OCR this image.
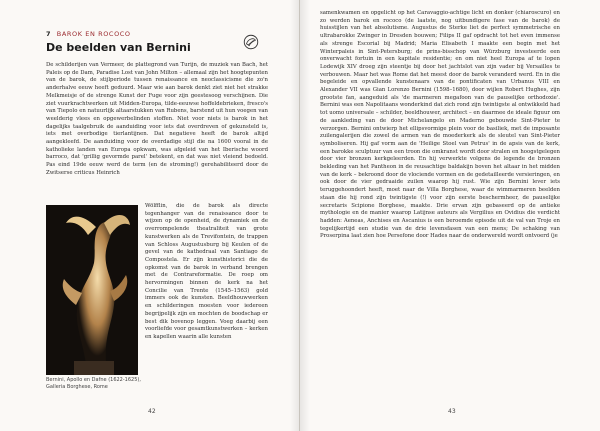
7 BAROK EN ROCOCO
De beelden van Bernini
De schilderijen van Vermeer, de plattegrond van Turijn, de muziek van Bach, het Paleis op de Dam, Paradise Lost van John Milton – allemaal zijn het hoogtepunten van de barok, de stijlperiode tussen renaissance en neoclassicisme die zo'n anderhalve eeuw heeft geduurd. Maar wie aan barok denkt ziet niet het strakke Melkmeisje of de strenge Kunst der Fuge voor zijn geestesoog verschijnen. Die ziet vuurkrachtwerken uit Midden-Europa, tilde-eeuwse hoffeldebrieken, fresco's van Tiepolo en natuurlijk altaarstukken van Rubens, barstend uit hun voegen van weelderig vlees en opgewerbelinden stoffen. Niet voor niets is barok in het dagelijks taalgebruik de aanduiding voor iets dat overdreven of gekunsteld is, iets met overbodige tierlantijnen. Dat negatieve heeft de barok altijd aangekleefd. De aanduiding voor de overdadige stijl die na 1600 vooral in de katholieke landen van Europa opkwam, was afgeleid van het Iberische woord barroco, dat 'grillig gevormde parel' betekent, en dat was niet vleiend bedoeld. Pas eind 19de eeuw werd de term (en de stroming!) gerehabiliteerd door de Zwitserse criticus Heinrich
Bernini, Apollo en Dafne (1622-1625), Galleria Borghese, Rome
Wölfflin, die de barok als directe tegenhanger van de renaissance door te wijzen op de openheid, de dynamiek en de overrompelende theatraliteit van grote kunstwerken als de Trevifontein, de trappen van Schloss Augustusburg bij Keulen of de gevel van de kathedraal van Santiago de Compostela. Er zijn kunsthistorici die de opkomst van de barok in verband brengen met de Contrareformatie. De roep om hervormingen binnen de kerk na het Concilie van Trente (1545–1563) gold immers ook de kunsten. Beeldhouwwerken en schilderingen moesten voor iedereen begrijpelijk zijn en mochten de boodschap er best dik bovenop leggen. Voeg daarbij een voorliefde voor gesamtkunstwerken – kerken en kapellen waarin alle kunsten
42
samenkwamen en opgelicht op het Caravaggio-achtige licht en donker (chiaroscuro) en zo werden barok en rococo (de laatste, nog uitbundigere fase van de barok) de huisstijlen van het absolutisme. Augustus de Sterke liet de perfect symmetrische en ultrabarokke Zwinger in Dresden bouwen; Filips II gaf opdracht tot het even immense als strenge Escorial bij Madrid; Maria Elisabeth I maakte een begin met het Winterpaleis in Sint-Petersburg; de prins-bisschop van Würzburg investeerde een onverwacht fortuin in een kapitale residentie; en om niet heel Europa af te lopen Lodewijk XIV droeg zijn steentje bij door het jachtslot van zijn vader bij Versailles te verbouwen. Maar het was Rome dat het meest door de barok veranderd werd. En in die begeleide en opvallende kunstenaars van de pontificaten van Urbanus VIII en Alexander VII was Gian Lorenzo Bernini (1598–1680), door wijlen Robert Hughes, zijn grootste fan, aangeduid als 'de marmeren megafoon van de pauselijke orthodoxie'. Bernini was een Napolitaans wonderkind dat zich rond zijn twintigste al ontwikkeld had tot uomo universale – schilder, beeldhouwer, architect – en daarmee de ideale figuur om de aankleding van de door Michelangelo en Maderno gebouwde Sint-Pieter te verzorgen. Bernini ontwierp het ellipsvormige plein voor de basiliek, met de imposante zuilengalerijen die zowel de armen van de moederkerk als de sleutel van Sint-Pieter symboliseren. Hij gaf vorm aan de 'Heilige Stoel van Petrus' in de apsis van de kerk, een barokke sculptuur van een troon die omkranst wordt door stralen en hoogstgelegen door vier bronzen kerkgeleerden. En hij verwerkte volgens de legende de bronzen bekleding van het Pantheon in de reusachtige baldakijn boven het altaar in het midden van de kerk – bekroond door de vlociende vormen en de gedetailleerde versieringen, en ook door de vier gedraaide zuilen waarop hij rust. Wie zijn Bernini lever iets teruggehoondert heeft, moet naar de Villa Borghese, waar de wimmarmeren beelden staan die hij rond zijn twintigste (!) voor zijn eerste beschermheer, de pauselijke secretaris Scipione Borghese, maakte. Drie ervan zijn gebaseerd op de antieke mythologie en de manier waarop Latijnse auteurs als Vergilius en Ovidius die verdicht hadden: Aeneas, Anchises en Ascanius is een beroemde episode uit de val van Troje en tegelijkertijd een studie van de drie levensfasen van een mens; De schaking van Proserpina laat zien hoe Persefone door Hades naar de onderwereld wordt ontvoerd (je
43
